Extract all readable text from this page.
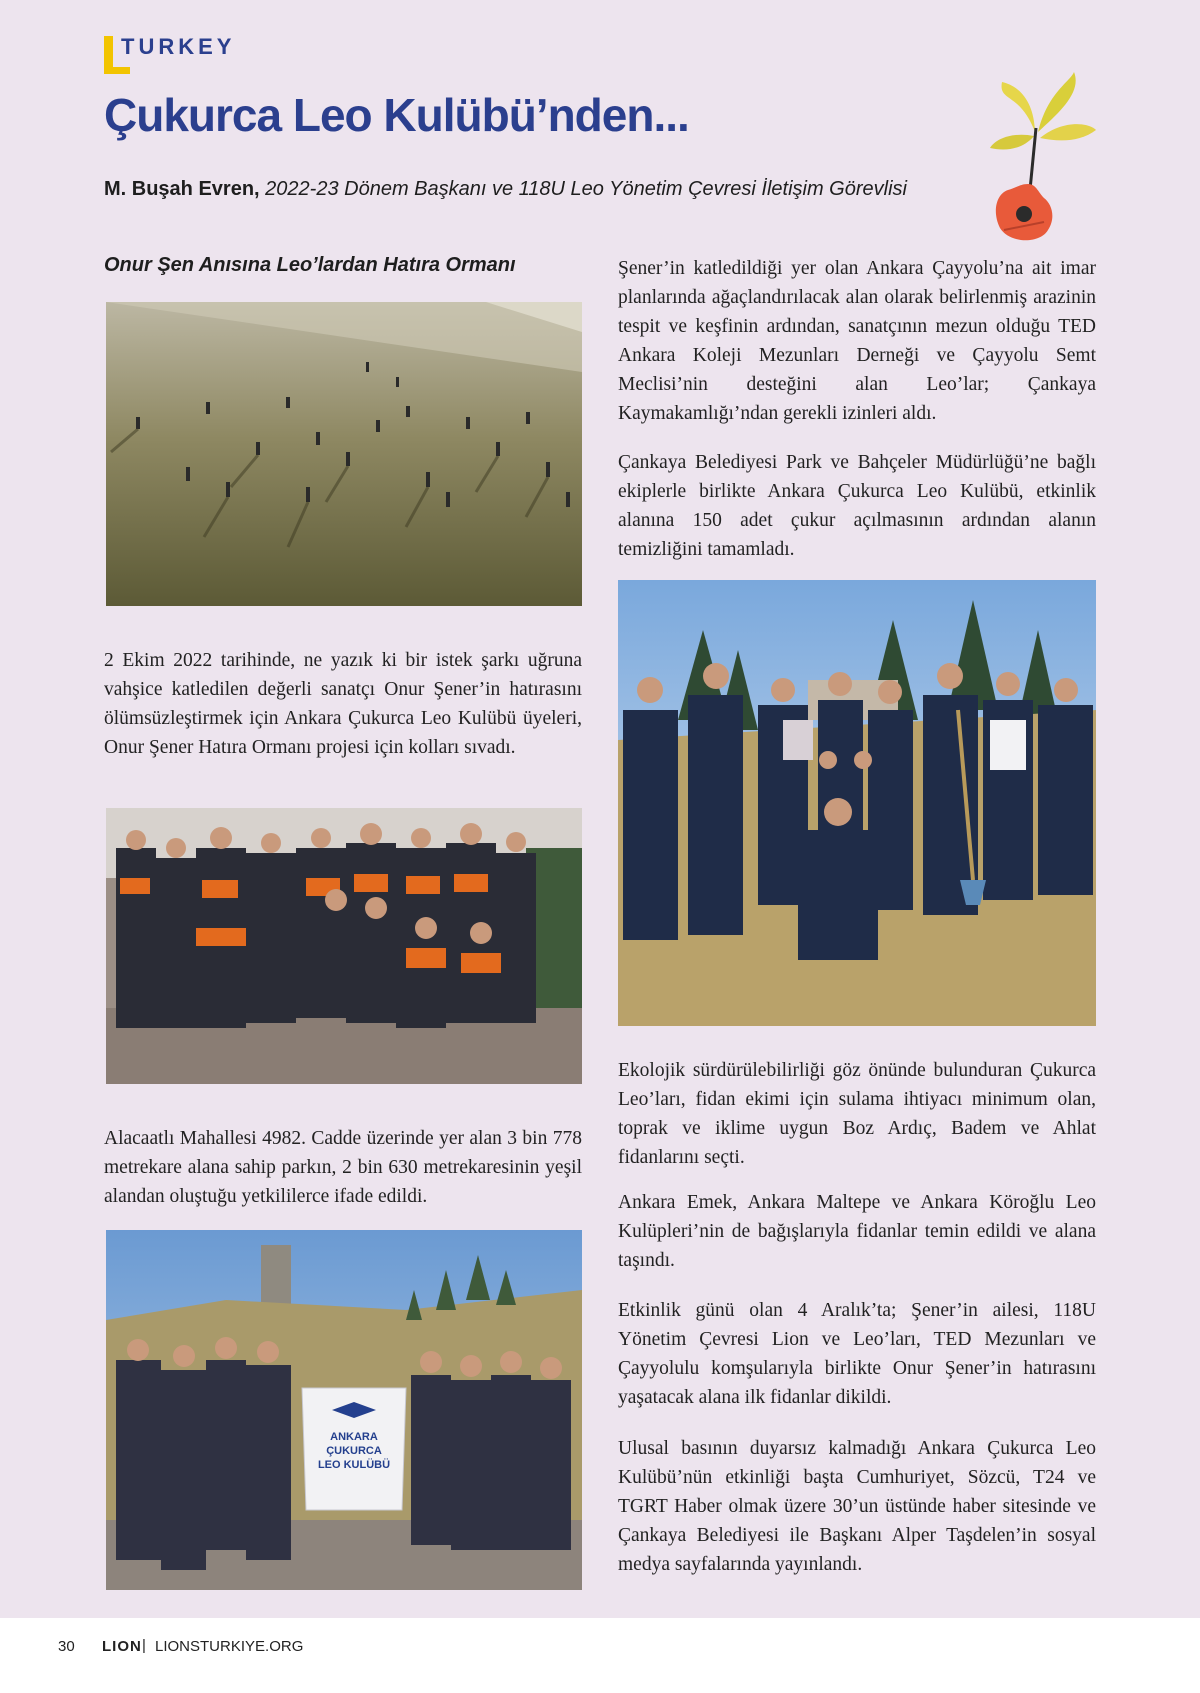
TURKEY
Çukurca Leo Kulübü’nden...

M. Buşah Evren, 2022-23 Dönem Başkanı ve 118U Leo Yönetim Çevresi İletişim Görevlisi

Onur Şen Anısına Leo’lardan Hatıra Ormanı

2 Ekim 2022 tarihinde, ne yazık ki bir istek şarkı uğruna vahşice katledilen değerli sanatçı Onur Şener’in hatırasını ölümsüzleştirmek için Ankara Çukurca Leo Kulübü üyeleri, Onur Şener Hatıra Ormanı projesi için kolları sıvadı.

Alacaatlı Mahallesi 4982. Cadde üzerinde yer alan 3 bin 778 metrekare alana sahip parkın, 2 bin 630 metrekaresinin yeşil alandan oluştuğu yetkililerce ifade edildi.

ANKARA
ÇUKURCA
LEO KULÜBÜ

Şener’in katledildiği yer olan Ankara Çayyolu’na ait imar planlarında ağaçlandırılacak alan olarak belirlenmiş arazinin tespit ve keşfinin ardından, sanatçının mezun olduğu TED Ankara Koleji Mezunları Derneği ve Çayyolu Semt Meclisi’nin desteğini alan Leo’lar; Çankaya Kaymakamlığı’ndan gerekli izinleri aldı.

Çankaya Belediyesi Park ve Bahçeler Müdürlüğü’ne bağlı ekiplerle birlikte Ankara Çukurca Leo Kulübü, etkinlik alanına 150 adet çukur açılmasının ardından alanın temizliğini tamamladı.

Ekolojik sürdürülebilirliği göz önünde bulunduran Çukurca Leo’ları, fidan ekimi için sulama ihtiyacı minimum olan, toprak ve iklime uygun Boz Ardıç, Badem ve Ahlat fidanlarını seçti.

Ankara Emek, Ankara Maltepe ve Ankara Köroğlu Leo Kulüpleri’nin de bağışlarıyla fidanlar temin edildi ve alana taşındı.

Etkinlik günü olan 4 Aralık’ta; Şener’in ailesi, 118U Yönetim Çevresi Lion ve Leo’ları, TED Mezunları ve Çayyolulu komşularıyla birlikte Onur Şener’in hatırasını yaşatacak alana ilk fidanlar dikildi.

Ulusal basının duyarsız kalmadığı Ankara Çukurca Leo Kulübü’nün etkinliği başta Cumhuriyet, Sözcü, T24 ve TGRT Haber olmak üzere 30’un üstünde haber sitesinde ve Çankaya Belediyesi ile Başkanı Alper Taşdelen’in sosyal medya sayfalarında yayınlandı.

30 LION | LIONSTURKIYE.ORG
